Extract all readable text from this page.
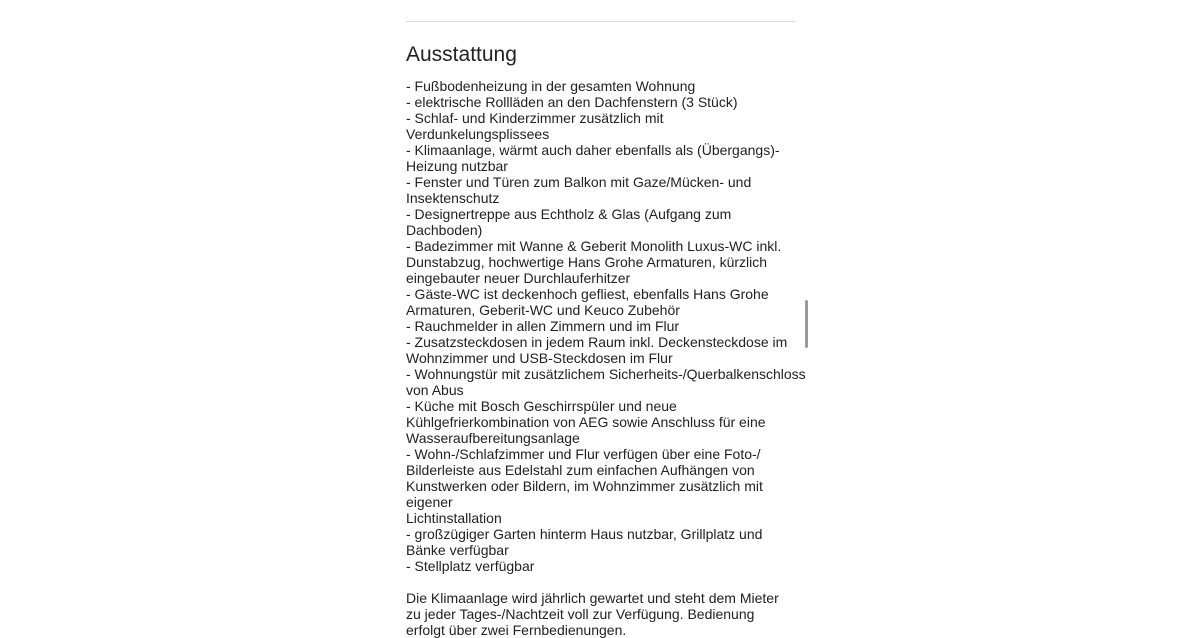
Ausstattung
- Fußbodenheizung in der gesamten Wohnung
- elektrische Rollläden an den Dachfenstern (3 Stück)
- Schlaf- und Kinderzimmer zusätzlich mit Verdunkelungsplissees
- Klimaanlage, wärmt auch daher ebenfalls als (Übergangs)-
Heizung nutzbar
- Fenster und Türen zum Balkon mit Gaze/Mücken- und
Insektenschutz
- Designertreppe aus Echtholz & Glas (Aufgang zum Dachboden)
- Badezimmer mit Wanne & Geberit Monolith Luxus-WC inkl.
Dunstabzug, hochwertige Hans Grohe Armaturen, kürzlich
eingebauter neuer Durchlauferhitzer
- Gäste-WC ist deckenhoch gefliest, ebenfalls Hans Grohe
Armaturen, Geberit-WC und Keuco Zubehör
- Rauchmelder in allen Zimmern und im Flur
- Zusatzsteckdosen in jedem Raum inkl. Deckensteckdose im
Wohnzimmer und USB-Steckdosen im Flur
- Wohnungstür mit zusätzlichem Sicherheits-/Querbalkenschloss
von Abus
- Küche mit Bosch Geschirrspüler und neue
Kühlgefrierkombination von AEG sowie Anschluss für eine
Wasseraufbereitungsanlage
- Wohn-/Schlafzimmer und Flur verfügen über eine Foto-/
Bilderleiste aus Edelstahl zum einfachen Aufhängen von
Kunstwerken oder Bildern, im Wohnzimmer zusätzlich mit eigener
Lichtinstallation
- großzügiger Garten hinterm Haus nutzbar, Grillplatz und
Bänke verfügbar
- Stellplatz verfügbar

Die Klimaanlage wird jährlich gewartet und steht dem Mieter zu jeder Tages-/Nachtzeit voll zur Verfügung. Bedienung erfolgt über zwei Fernbedienungen.
